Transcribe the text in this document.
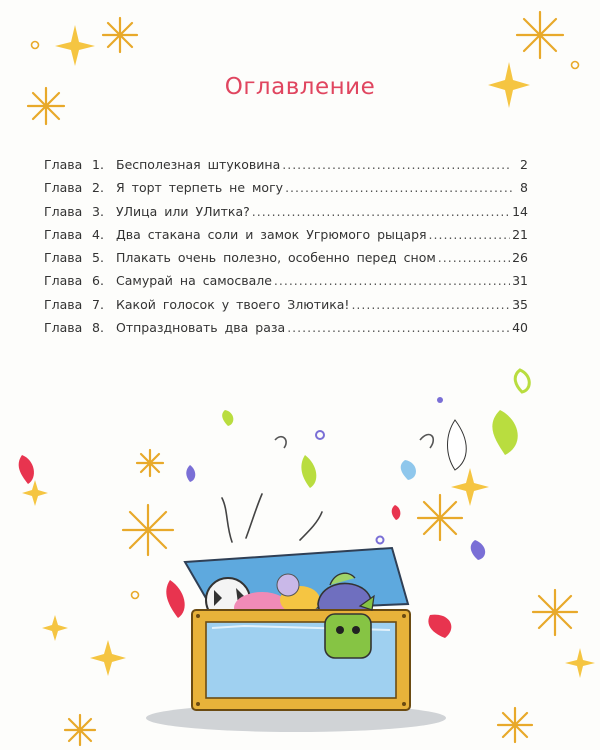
Оглавление
Глава 1. Бесполезная штуковина .....	2
Глава 2. Я торт терпеть не могу .....	8
Глава 3. УЛица или УЛитка? .....	14
Глава 4. Два стакана соли и замок Угрюмого рыцаря .....	21
Глава 5. Плакать очень полезно, особенно перед сном .....	26
Глава 6. Самурай на самосвале .....	31
Глава 7. Какой голосок у твоего Злютика! .....	35
Глава 8. Отпраздновать два раза .....	40
